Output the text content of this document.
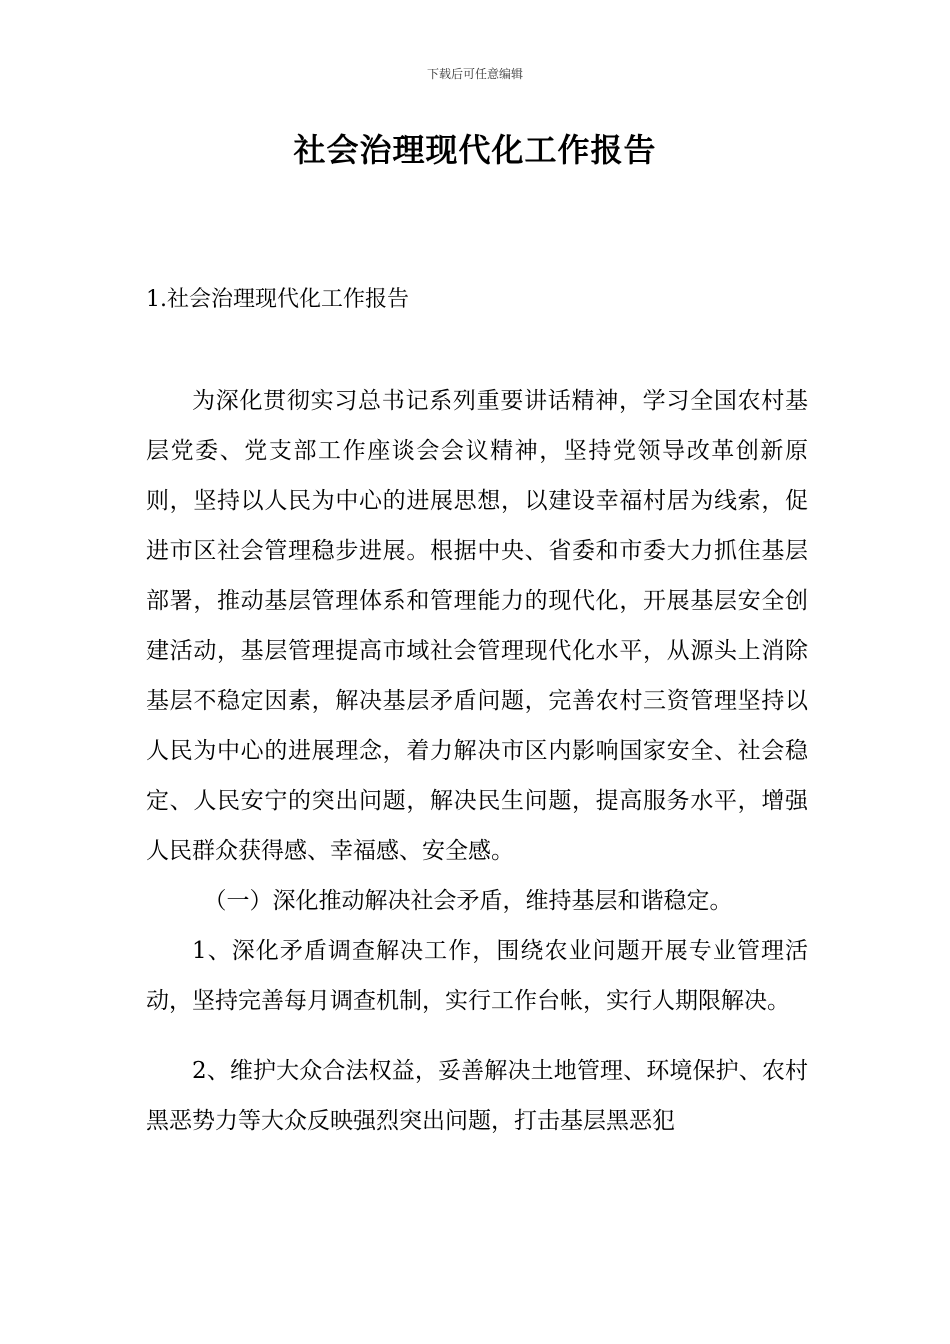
下载后可任意编辑
社会治理现代化工作报告
1.社会治理现代化工作报告

为深化贯彻实习总书记系列重要讲话精神，学习全国农村基层党委、党支部工作座谈会会议精神，坚持党领导改革创新原则，坚持以人民为中心的进展思想，以建设幸福村居为线索，促进市区社会管理稳步进展。根据中央、省委和市委大力抓住基层部署，推动基层管理体系和管理能力的现代化，开展基层安全创建活动，基层管理提高市域社会管理现代化水平，从源头上消除基层不稳定因素，解决基层矛盾问题，完善农村三资管理坚持以人民为中心的进展理念，着力解决市区内影响国家安全、社会稳定、人民安宁的突出问题，解决民生问题，提高服务水平，增强人民群众获得感、幸福感、安全感。

（一）深化推动解决社会矛盾，维持基层和谐稳定。

1、深化矛盾调查解决工作，围绕农业问题开展专业管理活动，坚持完善每月调查机制，实行工作台帐，实行人期限解决。

2、维护大众合法权益，妥善解决土地管理、环境保护、农村黑恶势力等大众反映强烈突出问题，打击基层黑恶犯
